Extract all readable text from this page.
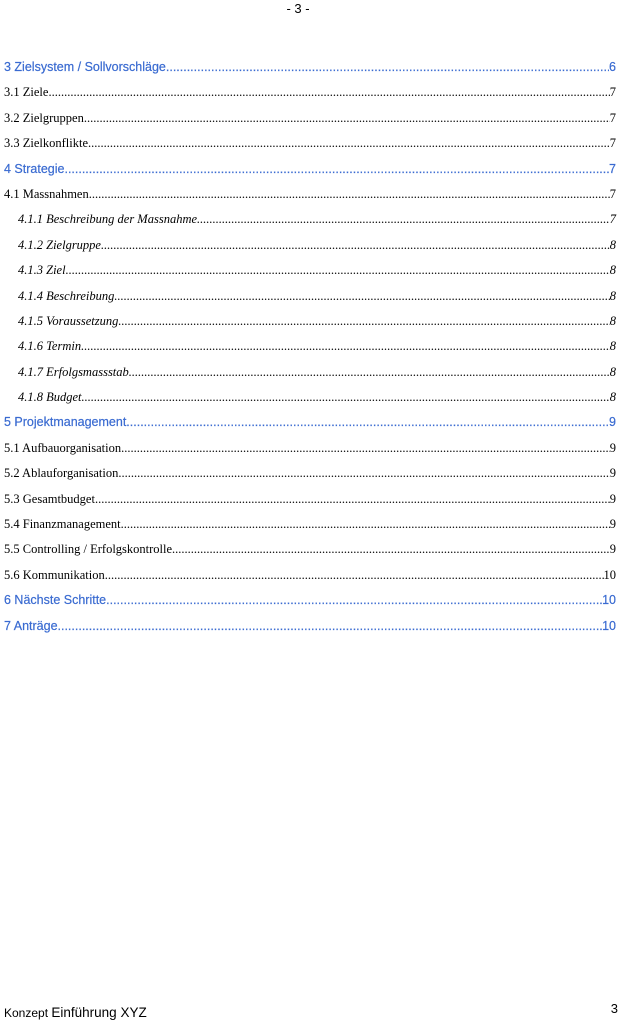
- 3 -
3 Zielsystem / Sollvorschläge .....	6
3.1 Ziele .....	7
3.2 Zielgruppen .....	7
3.3 Zielkonflikte .....	7
4 Strategie .....	7
4.1 Massnahmen .....	7
4.1.1 Beschreibung der Massnahme .....	7
4.1.2 Zielgruppe .....	8
4.1.3 Ziel .....	8
4.1.4 Beschreibung .....	8
4.1.5 Voraussetzung .....	8
4.1.6 Termin .....	8
4.1.7 Erfolgsmassstab .....	8
4.1.8 Budget .....	8
5 Projektmanagement .....	9
5.1 Aufbauorganisation .....	9
5.2 Ablauforganisation .....	9
5.3 Gesamtbudget .....	9
5.4 Finanzmanagement .....	9
5.5 Controlling / Erfolgskontrolle .....	9
5.6 Kommunikation .....	10
6 Nächste Schritte .....	10
7 Anträge .....	10
Konzept Einführung XYZ	3
